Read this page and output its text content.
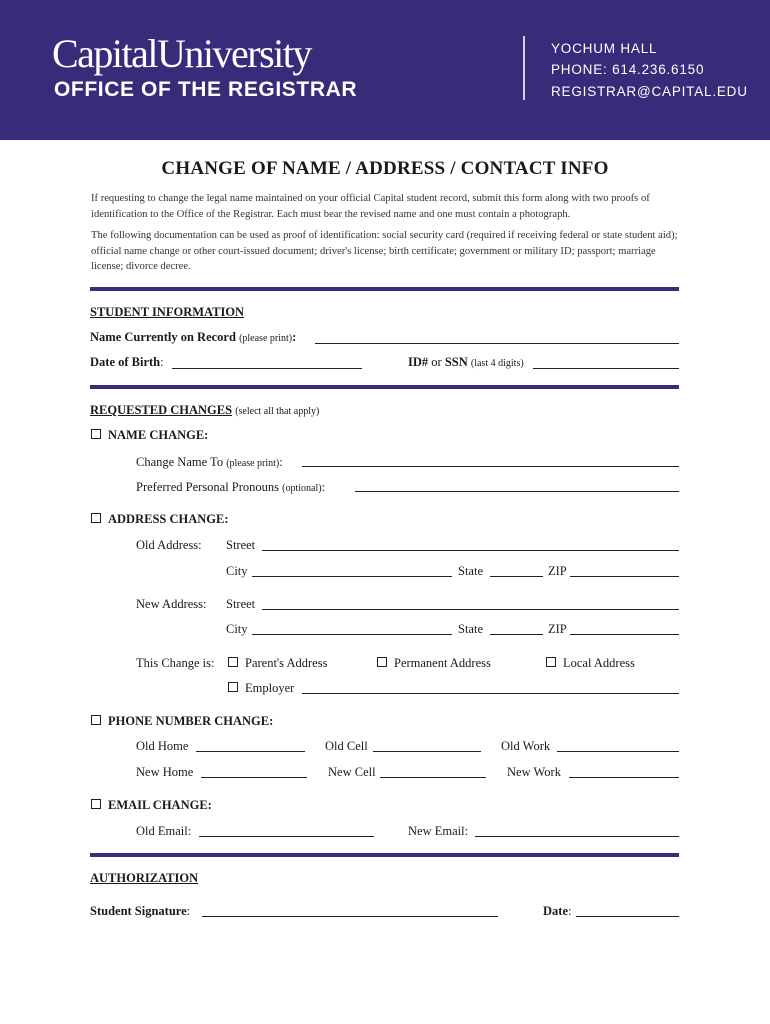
CapitalUniversity
OFFICE OF THE REGISTRAR
YOCHUM HALL
PHONE: 614.236.6150
REGISTRAR@CAPITAL.EDU
CHANGE OF NAME / ADDRESS / CONTACT INFO
If requesting to change the legal name maintained on your official Capital student record, submit this form along with two proofs of identification to the Office of the Registrar. Each must bear the revised name and one must contain a photograph.
The following documentation can be used as proof of identification: social security card (required if receiving federal or state student aid); official name change or other court-issued document; driver's license; birth certificate; government or military ID; passport; marriage license; divorce decree.
STUDENT INFORMATION
Name Currently on Record (please print):
Date of Birth:	ID# or SSN (last 4 digits)
REQUESTED CHANGES (select all that apply)
NAME CHANGE:
Change Name To (please print):
Preferred Personal Pronouns (optional):
ADDRESS CHANGE:
Old Address: Street
City	State	ZIP
New Address: Street
City	State	ZIP
This Change is:	Parent's Address	Permanent Address	Local Address
Employer
PHONE NUMBER CHANGE:
Old Home	Old Cell	Old Work
New Home	New Cell	New Work
EMAIL CHANGE:
Old Email:	New Email:
AUTHORIZATION
Student Signature:	Date:
